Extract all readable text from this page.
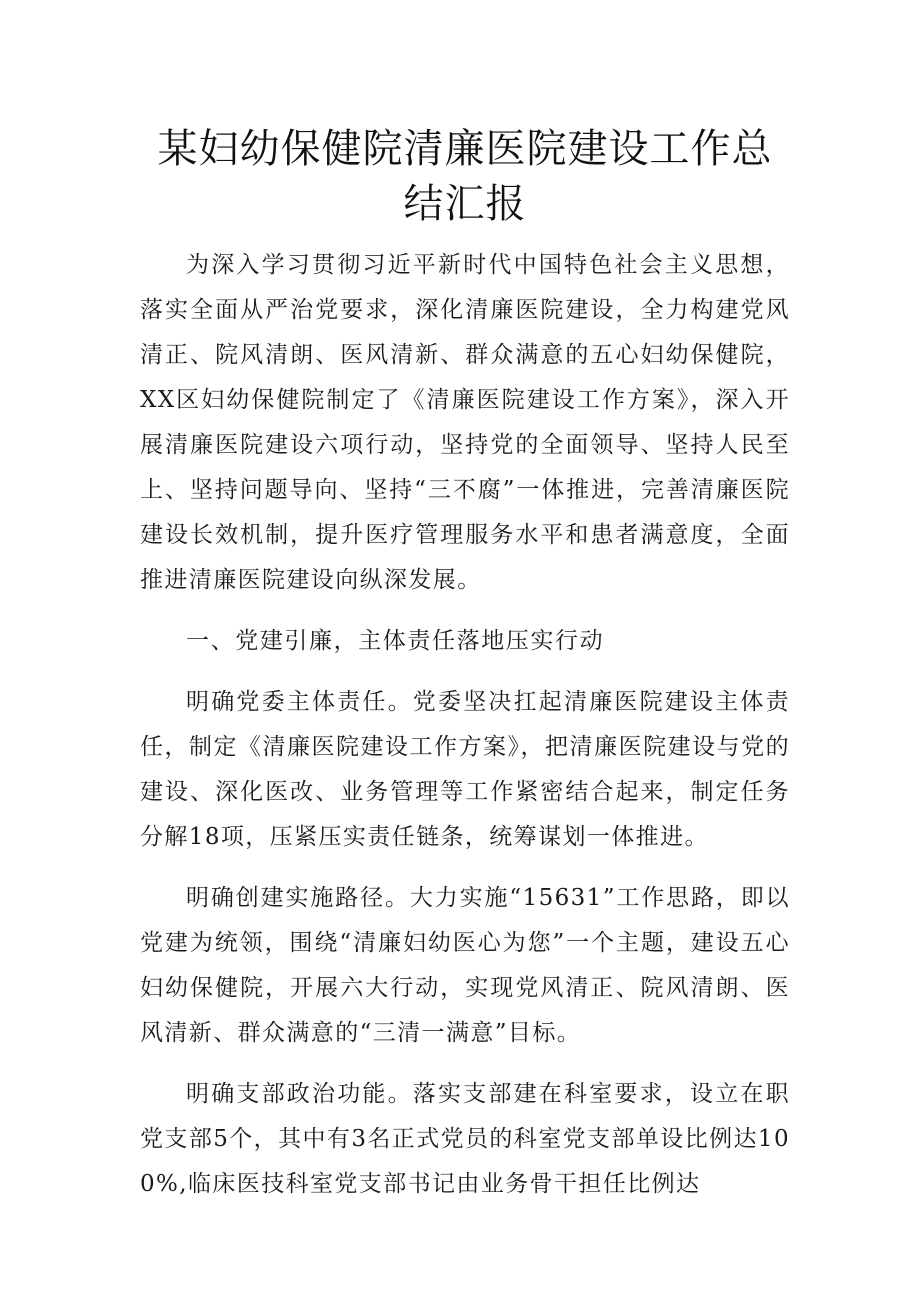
某妇幼保健院清廉医院建设工作总结汇报

为深入学习贯彻习近平新时代中国特色社会主义思想，落实全面从严治党要求，深化清廉医院建设，全力构建党风清正、院风清朗、医风清新、群众满意的五心妇幼保健院，XX区妇幼保健院制定了《清廉医院建设工作方案》，深入开展清廉医院建设六项行动，坚持党的全面领导、坚持人民至上、坚持问题导向、坚持“三不腐”一体推进，完善清廉医院建设长效机制，提升医疗管理服务水平和患者满意度，全面推进清廉医院建设向纵深发展。

一、党建引廉，主体责任落地压实行动

明确党委主体责任。党委坚决扛起清廉医院建设主体责任，制定《清廉医院建设工作方案》，把清廉医院建设与党的建设、深化医改、业务管理等工作紧密结合起来，制定任务分解18项，压紧压实责任链条，统筹谋划一体推进。

明确创建实施路径。大力实施“15631”工作思路，即以党建为统领，围绕“清廉妇幼医心为您”一个主题，建设五心妇幼保健院，开展六大行动，实现党风清正、院风清朗、医风清新、群众满意的“三清一满意”目标。

明确支部政治功能。落实支部建在科室要求，设立在职党支部5个，其中有3名正式党员的科室党支部单设比例达100%,临床医技科室党支部书记由业务骨干担任比例达
